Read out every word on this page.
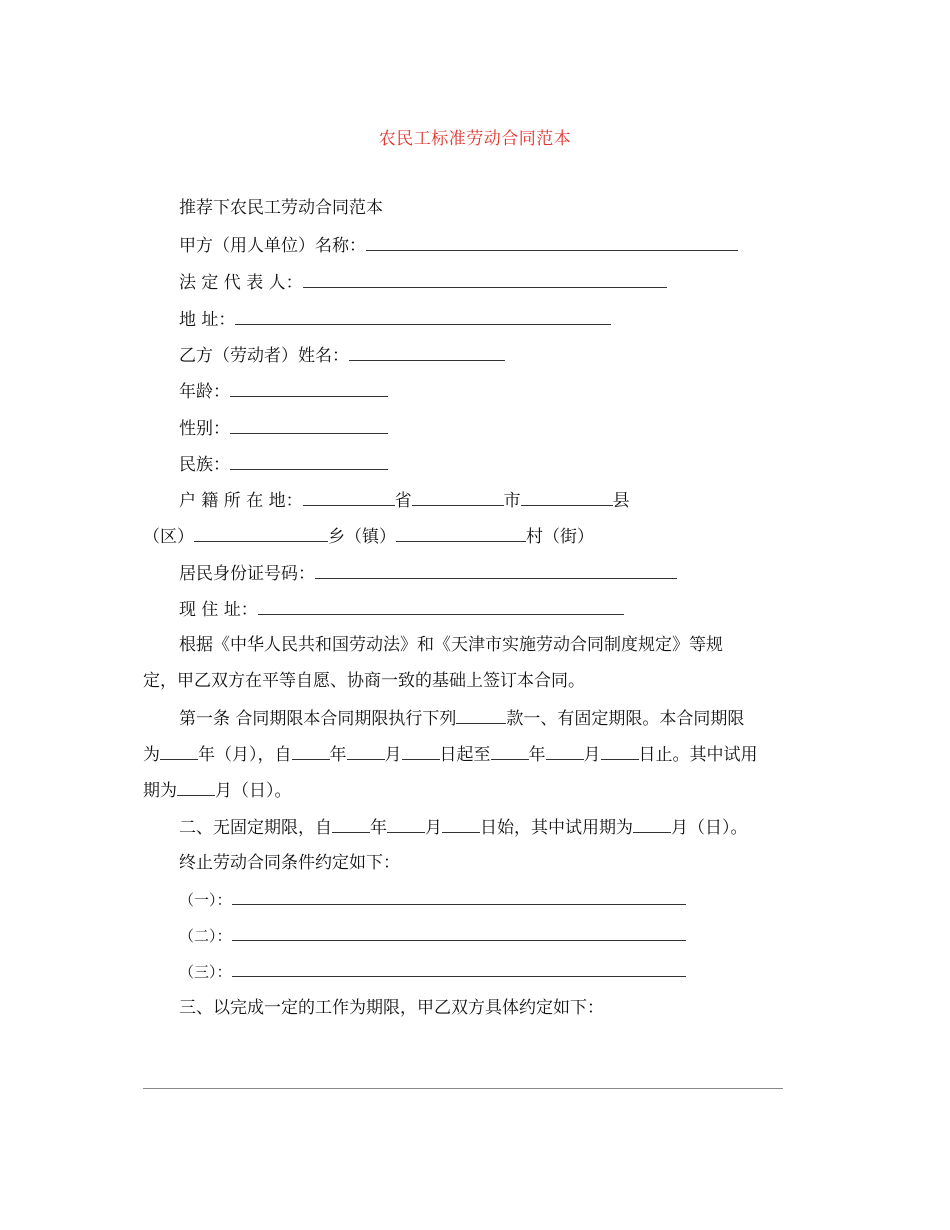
农民工标准劳动合同范本
推荐下农民工劳动合同范本
甲方（用人单位）名称：
法 定 代 表 人：
地 址：
乙方（劳动者）姓名：
年龄：
性别：
民族：
户 籍 所 在 地：	省	市	县
（区）	乡（镇）	村（街）
居民身份证号码：
现 住 址：
根据《中华人民共和国劳动法》和《天津市实施劳动合同制度规定》等规
定，甲乙双方在平等自愿、协商一致的基础上签订本合同。
第一条 合同期限本合同期限执行下列	款一、有固定期限。本合同期限
为 年（月），自 年 月 日起至 年 月 日止。其中试用
期为 月（日）。
二、无固定期限，自 年 月 日始，其中试用期为 月（日）。
终止劳动合同条件约定如下：
（一）：
（二）：
（三）：
三、以完成一定的工作为期限，甲乙双方具体约定如下：
